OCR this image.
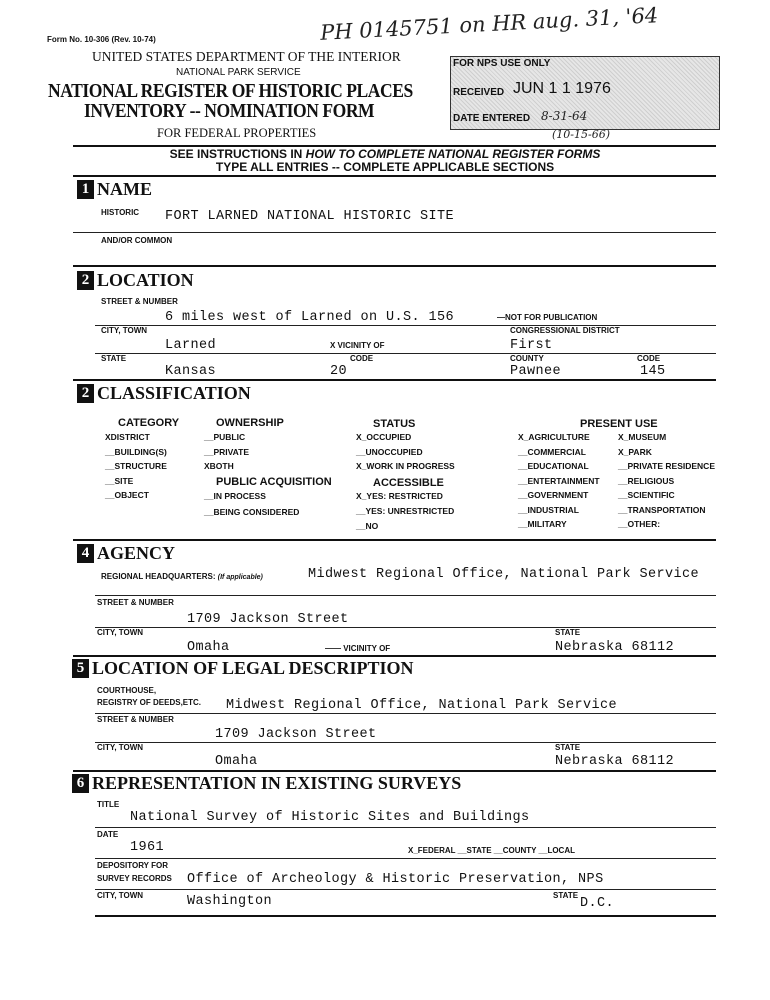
Form No. 10-306 (Rev. 10-74)	PH 0145751 on HR aug. 31, '64
UNITED STATES DEPARTMENT OF THE INTERIOR
NATIONAL PARK SERVICE
NATIONAL REGISTER OF HISTORIC PLACES
INVENTORY -- NOMINATION FORM
FOR FEDERAL PROPERTIES
FOR NPS USE ONLY
RECEIVED JUN 1 1 1976
DATE ENTERED 8-31-64
(10-15-66)
SEE INSTRUCTIONS IN HOW TO COMPLETE NATIONAL REGISTER FORMS
TYPE ALL ENTRIES -- COMPLETE APPLICABLE SECTIONS
1 NAME
HISTORIC FORT LARNED NATIONAL HISTORIC SITE
AND/OR COMMON
2 LOCATION
STREET & NUMBER
6 miles west of Larned on U.S. 156	—NOT FOR PUBLICATION
CITY, TOWN	CONGRESSIONAL DISTRICT
Larned	X VICINITY OF	First
STATE	CODE	COUNTY	CODE
Kansas	20	Pawnee	145
2 CLASSIFICATION
CATEGORY
XDISTRICT
__BUILDING(S)
__STRUCTURE
__SITE
__OBJECT
OWNERSHIP
__PUBLIC
__PRIVATE
XBOTH
PUBLIC ACQUISITION
__IN PROCESS
__BEING CONSIDERED
STATUS
X_OCCUPIED
__UNOCCUPIED
X_WORK IN PROGRESS
ACCESSIBLE
X_YES: RESTRICTED
__YES: UNRESTRICTED
__NO
PRESENT USE
X_AGRICULTURE
__COMMERCIAL
__EDUCATIONAL
__ENTERTAINMENT
__GOVERNMENT
__INDUSTRIAL
__MILITARY
X_MUSEUM
X_PARK
__PRIVATE RESIDENCE
__RELIGIOUS
__SCIENTIFIC
__TRANSPORTATION
__OTHER:
4 AGENCY
REGIONAL HEADQUARTERS: (If applicable)	Midwest Regional Office, National Park Service
STREET & NUMBER
1709 Jackson Street
CITY, TOWN	STATE
Omaha	—— VICINITY OF	Nebraska 68112
5 LOCATION OF LEGAL DESCRIPTION
COURTHOUSE,
REGISTRY OF DEEDS,ETC. Midwest Regional Office, National Park Service
STREET & NUMBER
1709 Jackson Street
CITY, TOWN	STATE
Omaha	Nebraska 68112
6 REPRESENTATION IN EXISTING SURVEYS
TITLE
National Survey of Historic Sites and Buildings
DATE
1961	X_FEDERAL __STATE __COUNTY __LOCAL
DEPOSITORY FOR
SURVEY RECORDS Office of Archeology & Historic Preservation, NPS
CITY, TOWN	STATE
Washington	D.C.
